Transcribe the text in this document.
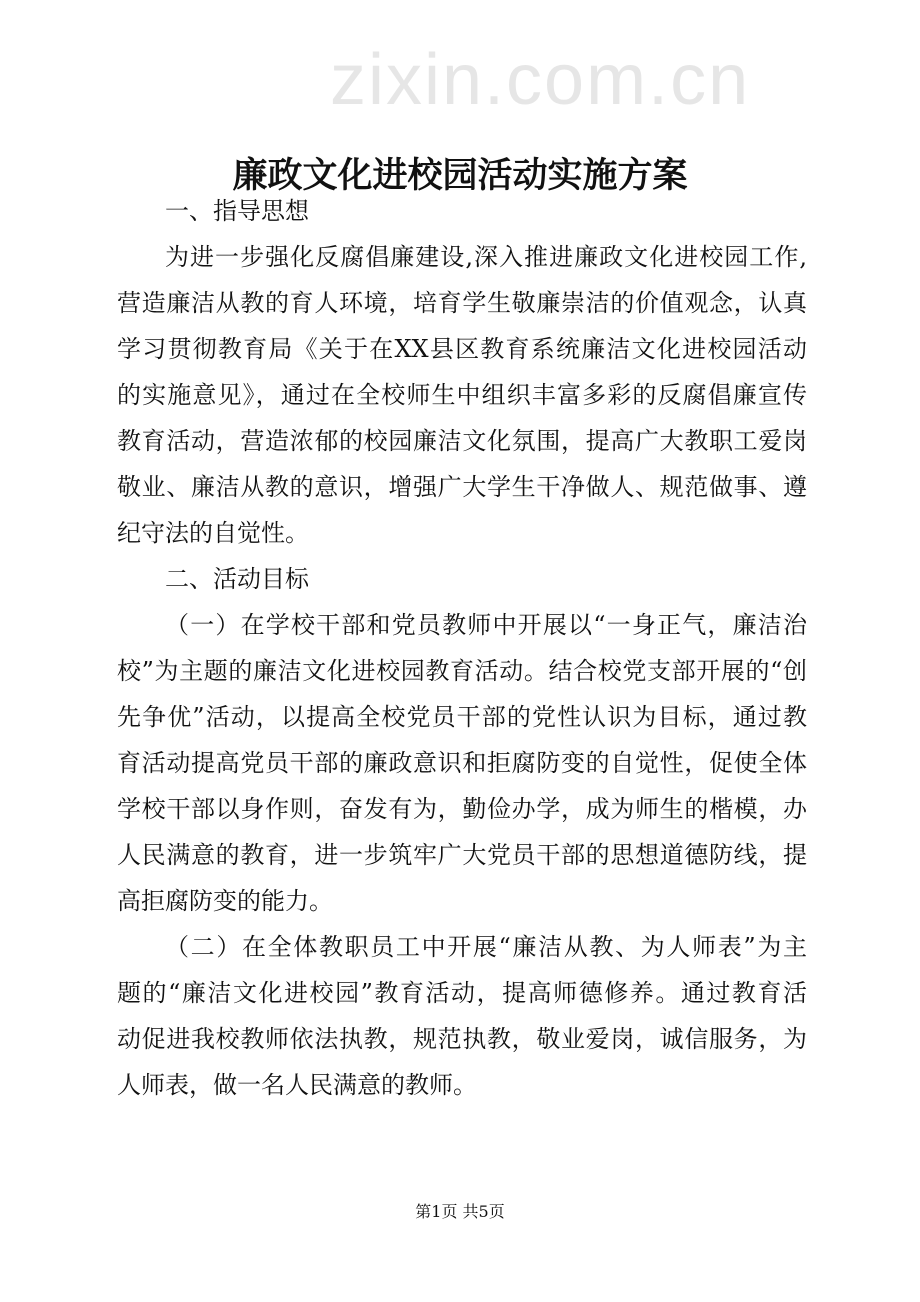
zixin.com.cn
廉政文化进校园活动实施方案
一、指导思想
为进一步强化反腐倡廉建设,深入推进廉政文化进校园工作,
营造廉洁从教的育人环境，培育学生敬廉崇洁的价值观念，认真
学习贯彻教育局《关于在XX县区教育系统廉洁文化进校园活动
的实施意见》，通过在全校师生中组织丰富多彩的反腐倡廉宣传
教育活动，营造浓郁的校园廉洁文化氛围，提高广大教职工爱岗
敬业、廉洁从教的意识，增强广大学生干净做人、规范做事、遵
纪守法的自觉性。
二、活动目标
（一）在学校干部和党员教师中开展以“一身正气，廉洁治
校”为主题的廉洁文化进校园教育活动。结合校党支部开展的“创
先争优”活动，以提高全校党员干部的党性认识为目标，通过教
育活动提高党员干部的廉政意识和拒腐防变的自觉性，促使全体
学校干部以身作则，奋发有为，勤俭办学，成为师生的楷模，办
人民满意的教育，进一步筑牢广大党员干部的思想道德防线，提
高拒腐防变的能力。
（二）在全体教职员工中开展“廉洁从教、为人师表”为主
题的“廉洁文化进校园”教育活动，提高师德修养。通过教育活
动促进我校教师依法执教，规范执教，敬业爱岗，诚信服务，为
人师表，做一名人民满意的教师。
第1页 共5页
